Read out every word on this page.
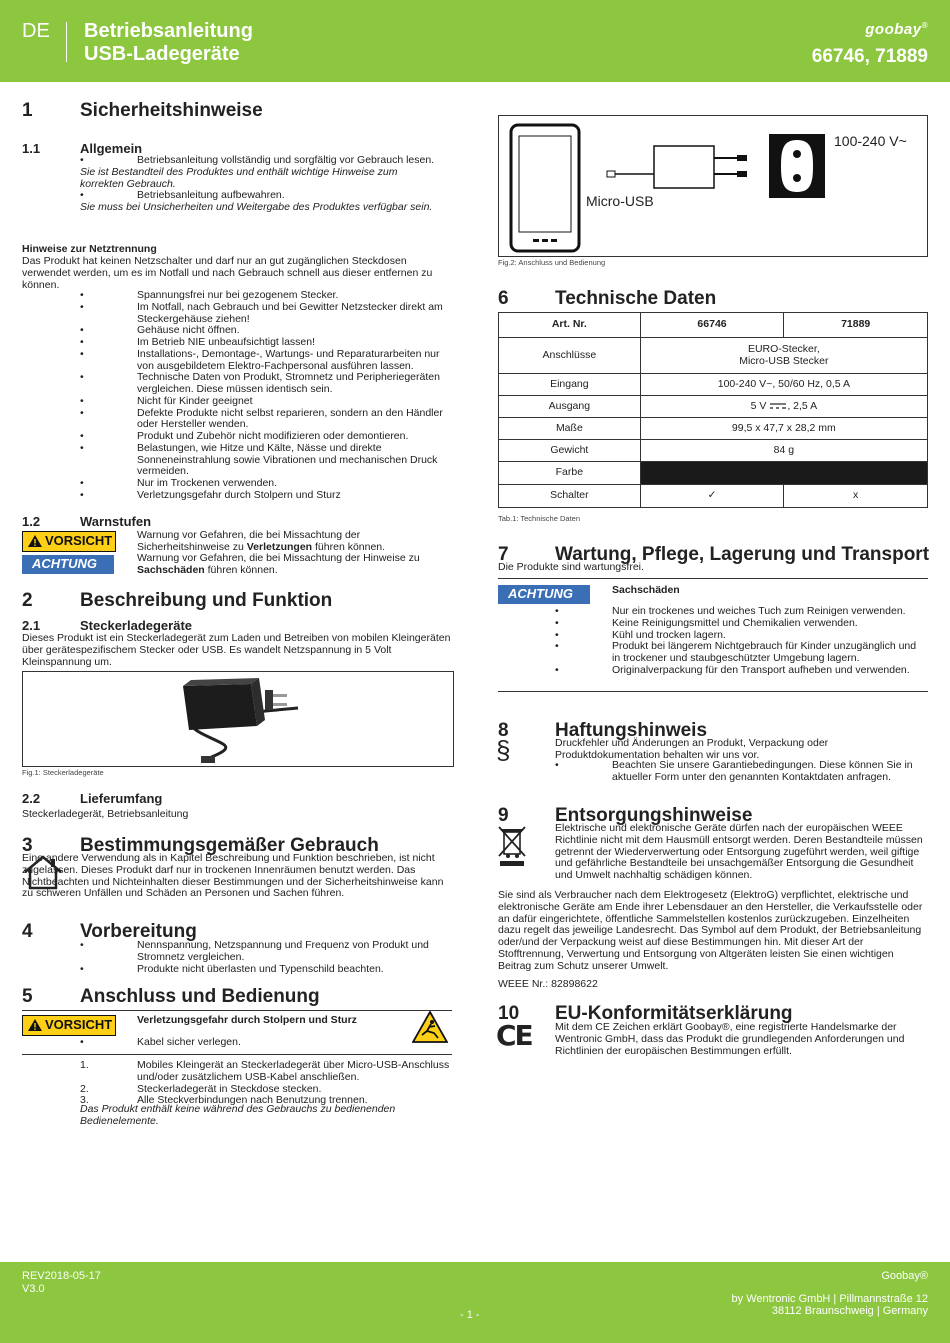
DE Betriebsanleitung
USB-Ladegeräte
goobay®
66746, 71889
1 Sicherheitshinweise
1.1	Allgemein
•	Betriebsanleitung vollständig und sorgfältig vor Gebrauch lesen.
Sie ist Bestandteil des Produktes und enthält wichtige Hinweise zum korrekten Gebrauch.
•	Betriebsanleitung aufbewahren.
Sie muss bei Unsicherheiten und Weitergabe des Produktes verfügbar sein.
Hinweise zur Netztrennung
Das Produkt hat keinen Netzschalter und darf nur an gut zugänglichen Steckdosen verwendet werden, um es im Notfall und nach Gebrauch schnell aus dieser entfernen zu können.
•	Spannungsfrei nur bei gezogenem Stecker.
•	Im Notfall, nach Gebrauch und bei Gewitter Netzstecker direkt am Steckergehäuse ziehen!
•	Gehäuse nicht öffnen.
•	Im Betrieb NIE unbeaufsichtigt lassen!
•	Installations-, Demontage-, Wartungs- und Reparaturarbeiten nur von ausgebildetem Elektro-Fachpersonal ausführen lassen.
•	Technische Daten von Produkt, Stromnetz und Peripheriegeräten vergleichen. Diese müssen identisch sein.
•	Nicht für Kinder geeignet
•	Defekte Produkte nicht selbst reparieren, sondern an den Händler oder Hersteller wenden.
•	Produkt und Zubehör nicht modifizieren oder demontieren.
•	Belastungen, wie Hitze und Kälte, Nässe und direkte Sonneneinstrahlung sowie Vibrationen und mechanischen Druck vermeiden.
•	Nur im Trockenen verwenden.
•	Verletzungsgefahr durch Stolpern und Sturz
1.2	Warnstufen
VORSICHT Warnung vor Gefahren, die bei Missachtung der Sicherheitshinweise zu Verletzungen führen können.
ACHTUNG	Warnung vor Gefahren, die bei Missachtung der Hinweise zu Sachschäden führen können.
2 Beschreibung und Funktion
2.1	Steckerladegeräte
Dieses Produkt ist ein Steckerladegerät zum Laden und Betreiben von mobilen Kleingeräten über gerätespezifischem Stecker oder USB. Es wandelt Netzspannung in 5 Volt Kleinspannung um.
Fig.1: Steckerladegeräte
2.2	Lieferumfang
Steckerladegerät, Betriebsanleitung
3 Bestimmungsgemäßer Gebrauch
Eine andere Verwendung als in Kapitel Beschreibung und Funktion beschrieben, ist nicht zugelassen. Dieses Produkt darf nur in trockenen Innenräumen benutzt werden. Das Nichtbeachten und Nichteinhalten dieser Bestimmungen und der Sicherheitshinweise kann zu schweren Unfällen und Schäden an Personen und Sachen führen.
4 Vorbereitung
•	Nennspannung, Netzspannung und Frequenz von Produkt und Stromnetz vergleichen.
•	Produkte nicht überlasten und Typenschild beachten.
5 Anschluss und Bedienung
VORSICHT Verletzungsgefahr durch Stolpern und Sturz
•	Kabel sicher verlegen.
1.	Mobiles Kleingerät an Steckerladegerät über Micro-USB-Anschluss und/oder zusätzlichem USB-Kabel anschließen.
2.	Steckerladegerät in Steckdose stecken.
3.	Alle Steckverbindungen nach Benutzung trennen.
Das Produkt enthält keine während des Gebrauchs zu bedienenden Bedienelemente.
100-240 V~
Micro-USB
Fig.2: Anschluss und Bedienung
6 Technische Daten
Art. Nr.	66746	71889
Anschlüsse	EURO-Stecker,
Micro-USB Stecker	
Eingang	100-240 V~, 50/60 Hz, 0,5 A	
Ausgang	5 V , 2,5 A	
Maße	99,5 x 47,7 x 28,2 mm	
Gewicht	84 g	
Farbe		
Schalter	✓	x
Tab.1: Technische Daten
7 Wartung, Pflege, Lagerung und Transport
Die Produkte sind wartungsfrei.
ACHTUNG	Sachschäden
•	Nur ein trockenes und weiches Tuch zum Reinigen verwenden.
•	Keine Reinigungsmittel und Chemikalien verwenden.
•	Kühl und trocken lagern.
•	Produkt bei längerem Nichtgebrauch für Kinder unzugänglich und in trockener und staubgeschützter Umgebung lagern.
•	Originalverpackung für den Transport aufheben und verwenden.
8 Haftungshinweis
§	Druckfehler und Änderungen an Produkt, Verpackung oder Produktdokumentation behalten wir uns vor.
•	Beachten Sie unsere Garantiebedingungen. Diese können Sie in aktueller Form unter den genannten Kontaktdaten anfragen.
9 Entsorgungshinweise
Elektrische und elektronische Geräte dürfen nach der europäischen WEEE Richtlinie nicht mit dem Hausmüll entsorgt werden. Deren Bestandteile müssen getrennt der Wiederverwertung oder Entsorgung zugeführt werden, weil giftige und gefährliche Bestandteile bei unsachgemäßer Entsorgung die Gesundheit und Umwelt nachhaltig schädigen können.
Sie sind als Verbraucher nach dem Elektrogesetz (ElektroG) verpflichtet, elektrische und elektronische Geräte am Ende ihrer Lebensdauer an den Hersteller, die Verkaufsstelle oder an dafür eingerichtete, öffentliche Sammelstellen kostenlos zurückzugeben. Einzelheiten dazu regelt das jeweilige Landesrecht. Das Symbol auf dem Produkt, der Betriebsanleitung oder/und der Verpackung weist auf diese Bestimmungen hin. Mit dieser Art der Stofftrennung, Verwertung und Entsorgung von Altgeräten leisten Sie einen wichtigen Beitrag zum Schutz unserer Umwelt.
WEEE Nr.: 82898622
10 EU-Konformitätserklärung
CE Mit dem CE Zeichen erklärt Goobay®, eine registrierte Handelsmarke der Wentronic GmbH, dass das Produkt die grundlegenden Anforderungen und Richtlinien der europäischen Bestimmungen erfüllt.
REV2018-05-17
V3.0
- 1 -
Goobay®
by Wentronic GmbH | Pillmannstraße 12
38112 Braunschweig | Germany
